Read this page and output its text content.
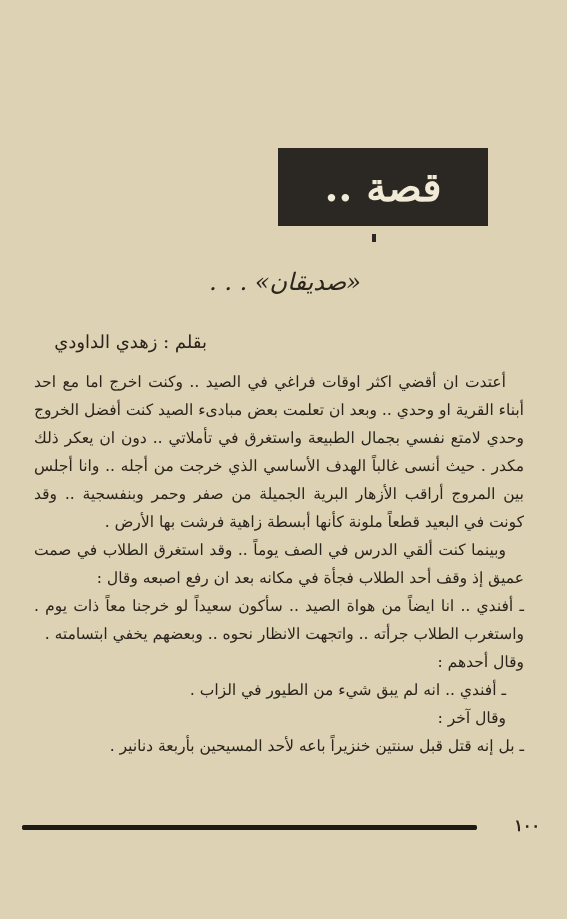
قصة ..
«صديقان» . . .
بقلم : زهدي الداودي

أعتدت ان أقضي اكثر اوقات فراغي في الصيد .. وكنت اخرج اما مع احد أبناء القرية او وحدي .. وبعد ان تعلمت بعض مبادىء الصيد كنت أفضل الخروج وحدي لامتع نفسي بجمال الطبيعة واستغرق في تأملاتي .. دون ان يعكر ذلك مكدر . حيث أنسى غالباً الهدف الأساسي الذي خرجت من أجله .. وانا أجلس بين المروج أراقب الأزهار البرية الجميلة من صفر وحمر وبنفسجية .. وقد كونت في البعيد قطعاً ملونة كأنها أبسطة زاهية فرشت بها الأرض .

وبينما كنت ألقي الدرس في الصف يوماً .. وقد استغرق الطلاب في صمت عميق إذ وقف أحد الطلاب فجأة في مكانه بعد ان رفع اصبعه وقال :

ـ أفندي .. انا ايضاً من هواة الصيد .. سأكون سعيداً لو خرجنا معاً ذات يوم . واستغرب الطلاب جرأته .. واتجهت الانظار نحوه .. وبعضهم يخفي ابتسامته .

وقال أحدهم :

ـ أفندي .. انه لم يبق شيء من الطيور في الزاب .

وقال آخر :

ـ بل إنه قتل قبل سنتين خنزيراً باعه لأحد المسيحين بأربعة دنانير .

١٠٠
